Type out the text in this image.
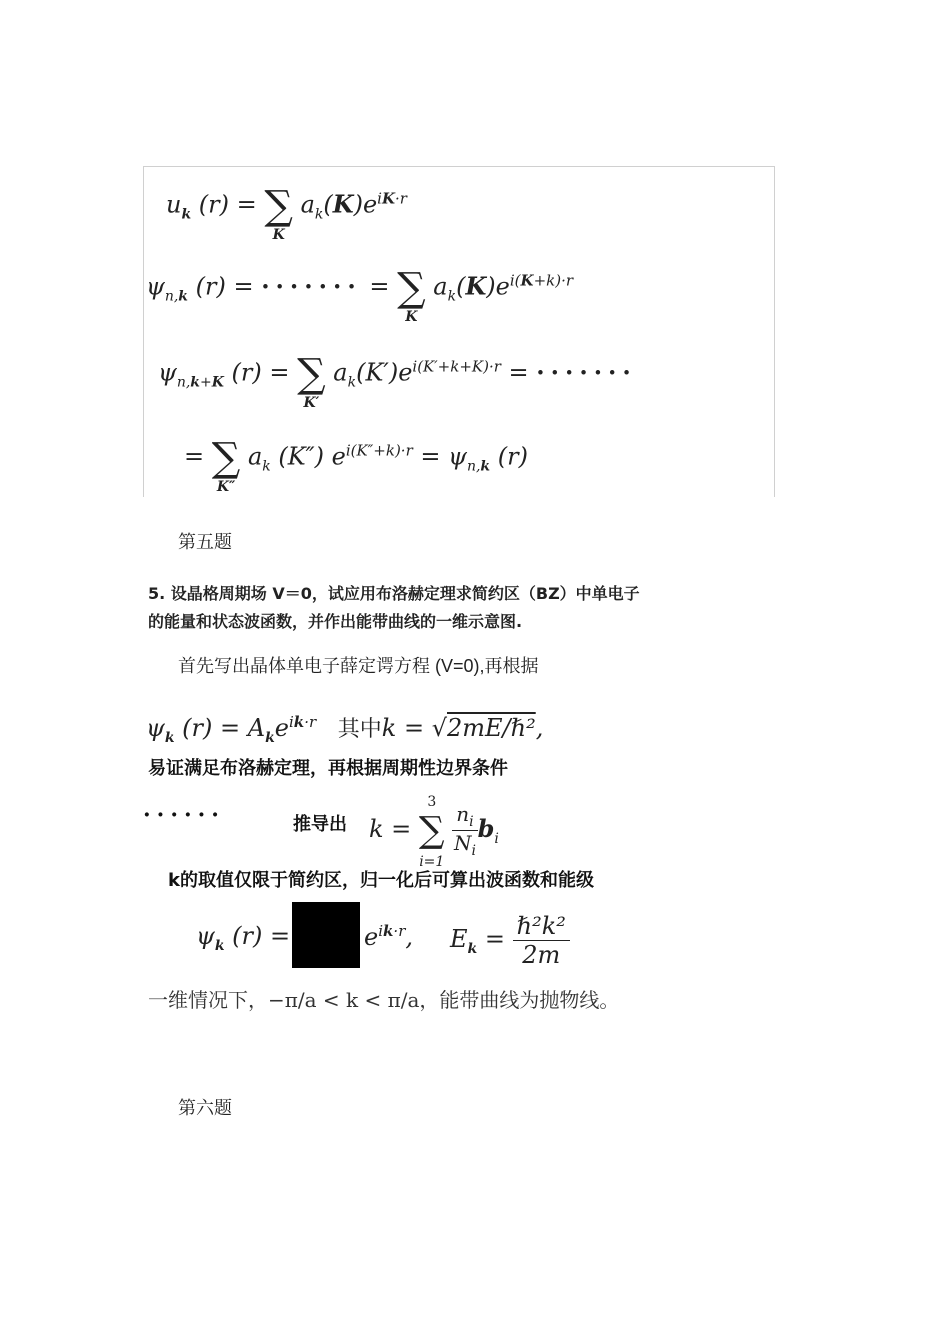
$u_k$ (r) = ∑
K
$a_k(K)e^{iK\cdot r}$
$\psi_{n,k}$ (r) = ······· = ∑
K
$a_k(K)e^{i(K+k)\cdot r}$
$\psi_{n,k+K}$ (r) = ∑
K′
$a_k(K')e^{i(K'+k+K)\cdot r}$ = ·······
= ∑
K″
$a_k$ (K″) $e^{i(K''+k)\cdot r} = \psi_{n,k}$ (r)
第五题
5. 设晶格周期场 V＝0，试应用布洛赫定理求简约区（BZ）中单电子
的能量和状态波函数，并作出能带曲线的一维示意图.
首先写出晶体单电子薛定谔方程 (V=0),再根据
$\psi_k$ $(r) = A_ke^{ik\cdot r}$ 其中k = √2mE/ℏ²,
易证满足布洛赫定理，再根据周期性边界条件
······	推导出 k =
3
∑
i=1

$\frac{n_i}{N_i} b_i$
k的取值仅限于简约区，归一化后可算出波函数和能级
$\psi_k$ (r) =	$e^{ik\cdot r}$, $E_k = \frac{\text{ℏ²k²}}{2m}$
一维情况下，−π/a < k < π/a，能带曲线为抛物线。
第六题
